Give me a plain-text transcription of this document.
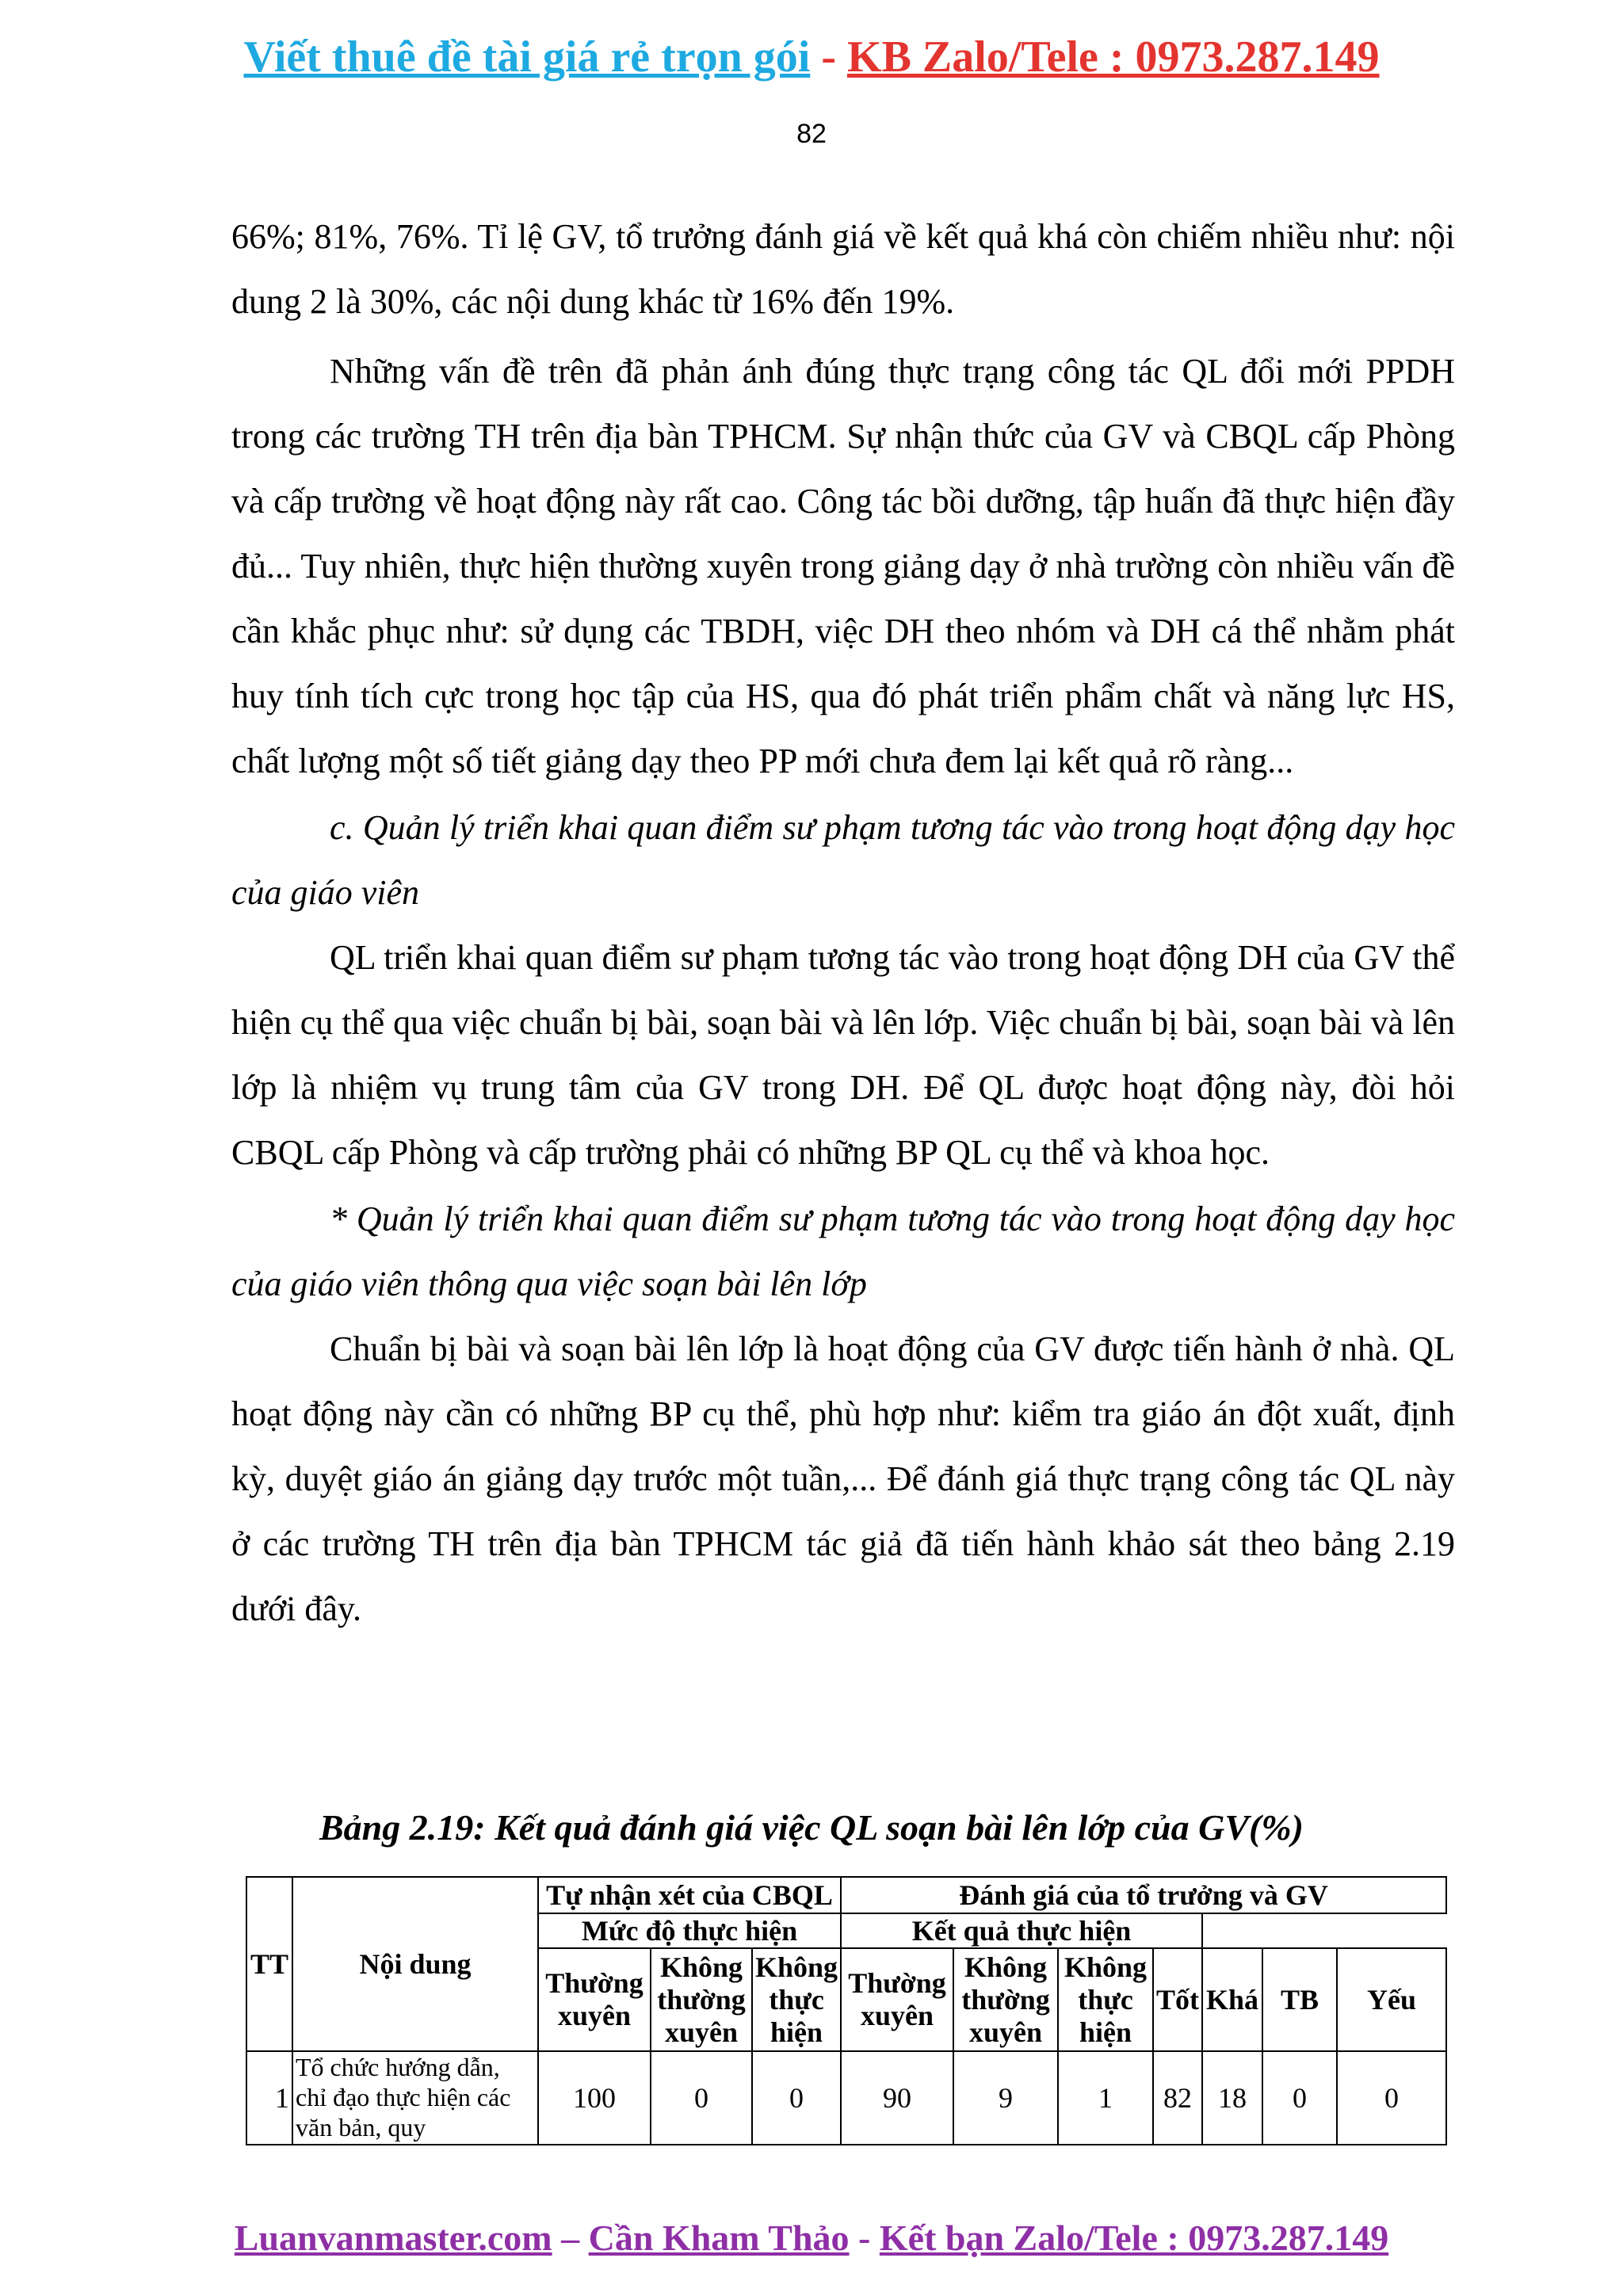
Viết thuê đề tài giá rẻ trọn gói - KB Zalo/Tele : 0973.287.149
82

66%; 81%, 76%. Tỉ lệ GV, tổ trưởng đánh giá về kết quả khá còn chiếm nhiều như: nội dung 2 là 30%, các nội dung khác từ 16% đến 19%.

Những vấn đề trên đã phản ánh đúng thực trạng công tác QL đổi mới PPDH trong các trường TH trên địa bàn TPHCM. Sự nhận thức của GV và CBQL cấp Phòng và cấp trường về hoạt động này rất cao. Công tác bồi dưỡng, tập huấn đã thực hiện đầy đủ... Tuy nhiên, thực hiện thường xuyên trong giảng dạy ở nhà trường còn nhiều vấn đề cần khắc phục như: sử dụng các TBDH, việc DH theo nhóm và DH cá thể nhằm phát huy tính tích cực trong học tập của HS, qua đó phát triển phẩm chất và năng lực HS, chất lượng một số tiết giảng dạy theo PP mới chưa đem lại kết quả rõ ràng...

c. Quản lý triển khai quan điểm sư phạm tương tác vào trong hoạt động dạy học của giáo viên

QL triển khai quan điểm sư phạm tương tác vào trong hoạt động DH của GV thể hiện cụ thể qua việc chuẩn bị bài, soạn bài và lên lớp. Việc chuẩn bị bài, soạn bài và lên lớp là nhiệm vụ trung tâm của GV trong DH. Để QL được hoạt động này, đòi hỏi CBQL cấp Phòng và cấp trường phải có những BP QL cụ thể và khoa học.

* Quản lý triển khai quan điểm sư phạm tương tác vào trong hoạt động dạy học của giáo viên thông qua việc soạn bài lên lớp

Chuẩn bị bài và soạn bài lên lớp là hoạt động của GV được tiến hành ở nhà. QL hoạt động này cần có những BP cụ thể, phù hợp như: kiểm tra giáo án đột xuất, định kỳ, duyệt giáo án giảng dạy trước một tuần,... Để đánh giá thực trạng công tác QL này ở các trường TH trên địa bàn TPHCM tác giả đã tiến hành khảo sát theo bảng 2.19 dưới đây.

Bảng 2.19: Kết quả đánh giá việc QL soạn bài lên lớp của GV(%)
TT	Nội dung	Tự nhận xét của CBQL			Đánh giá của tổ trưởng và GV						
		Mức độ thực hiện			Kết quả thực hiện						
		Thường xuyên	Không thường xuyên	Không thực hiện	Thường xuyên	Không thường xuyên	Không thực hiện	Tốt	Khá	TB	Yếu
1	Tổ chức hướng dẫn, chỉ đạo thực hiện các văn bản, quy	100	0	0	90	9	1	82	18	0	0
Luanvanmaster.com – Cần Kham Thảo - Kết bạn Zalo/Tele : 0973.287.149
